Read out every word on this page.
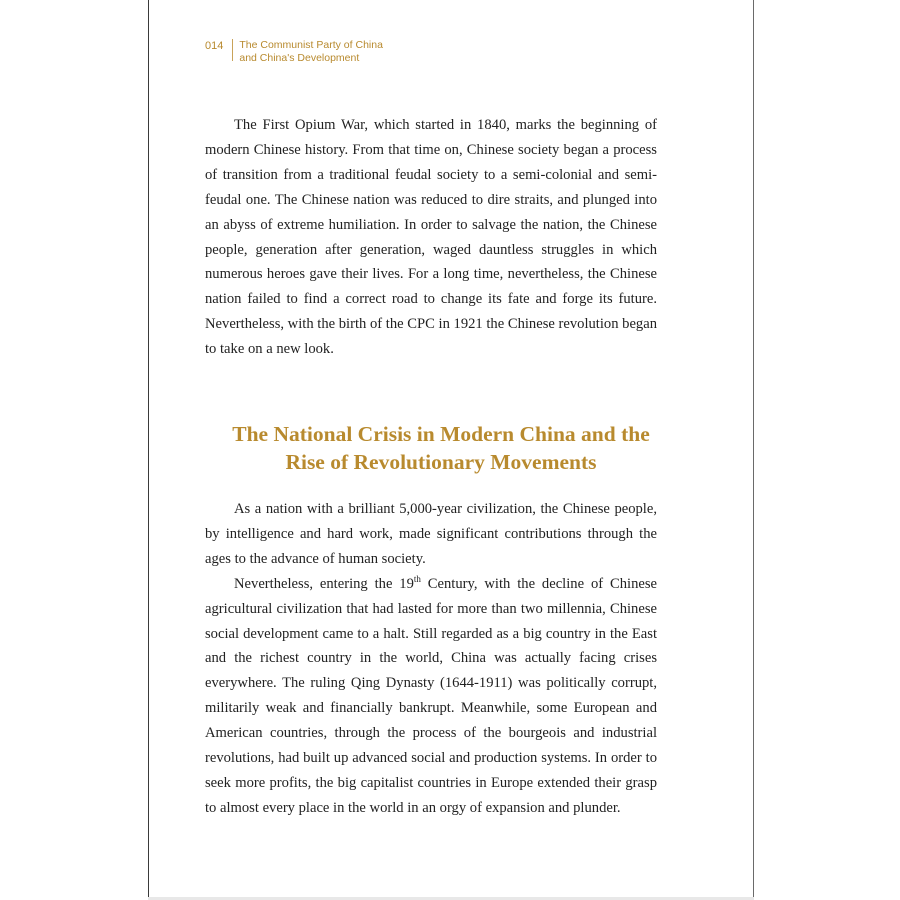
014	The Communist Party of China
and China's Development

The First Opium War, which started in 1840, marks the beginning of modern Chinese history. From that time on, Chinese society began a process of transition from a traditional feudal society to a semi-colonial and semi-feudal one. The Chinese nation was reduced to dire straits, and plunged into an abyss of extreme humiliation. In order to salvage the nation, the Chinese people, generation after generation, waged dauntless struggles in which numerous heroes gave their lives. For a long time, nevertheless, the Chinese nation failed to find a correct road to change its fate and forge its future. Nevertheless, with the birth of the CPC in 1921 the Chinese revolution began to take on a new look.

The National Crisis in Modern China and the
Rise of Revolutionary Movements

As a nation with a brilliant 5,000-year civilization, the Chinese people, by intelligence and hard work, made significant contributions through the ages to the advance of human society.

Nevertheless, entering the 19th Century, with the decline of Chinese agricultural civilization that had lasted for more than two millennia, Chinese social development came to a halt. Still regarded as a big country in the East and the richest country in the world, China was actually facing crises everywhere. The ruling Qing Dynasty (1644-1911) was politically corrupt, militarily weak and financially bankrupt. Meanwhile, some European and American countries, through the process of the bourgeois and industrial revolutions, had built up advanced social and production systems. In order to seek more profits, the big capitalist countries in Europe extended their grasp to almost every place in the world in an orgy of expansion and plunder.
